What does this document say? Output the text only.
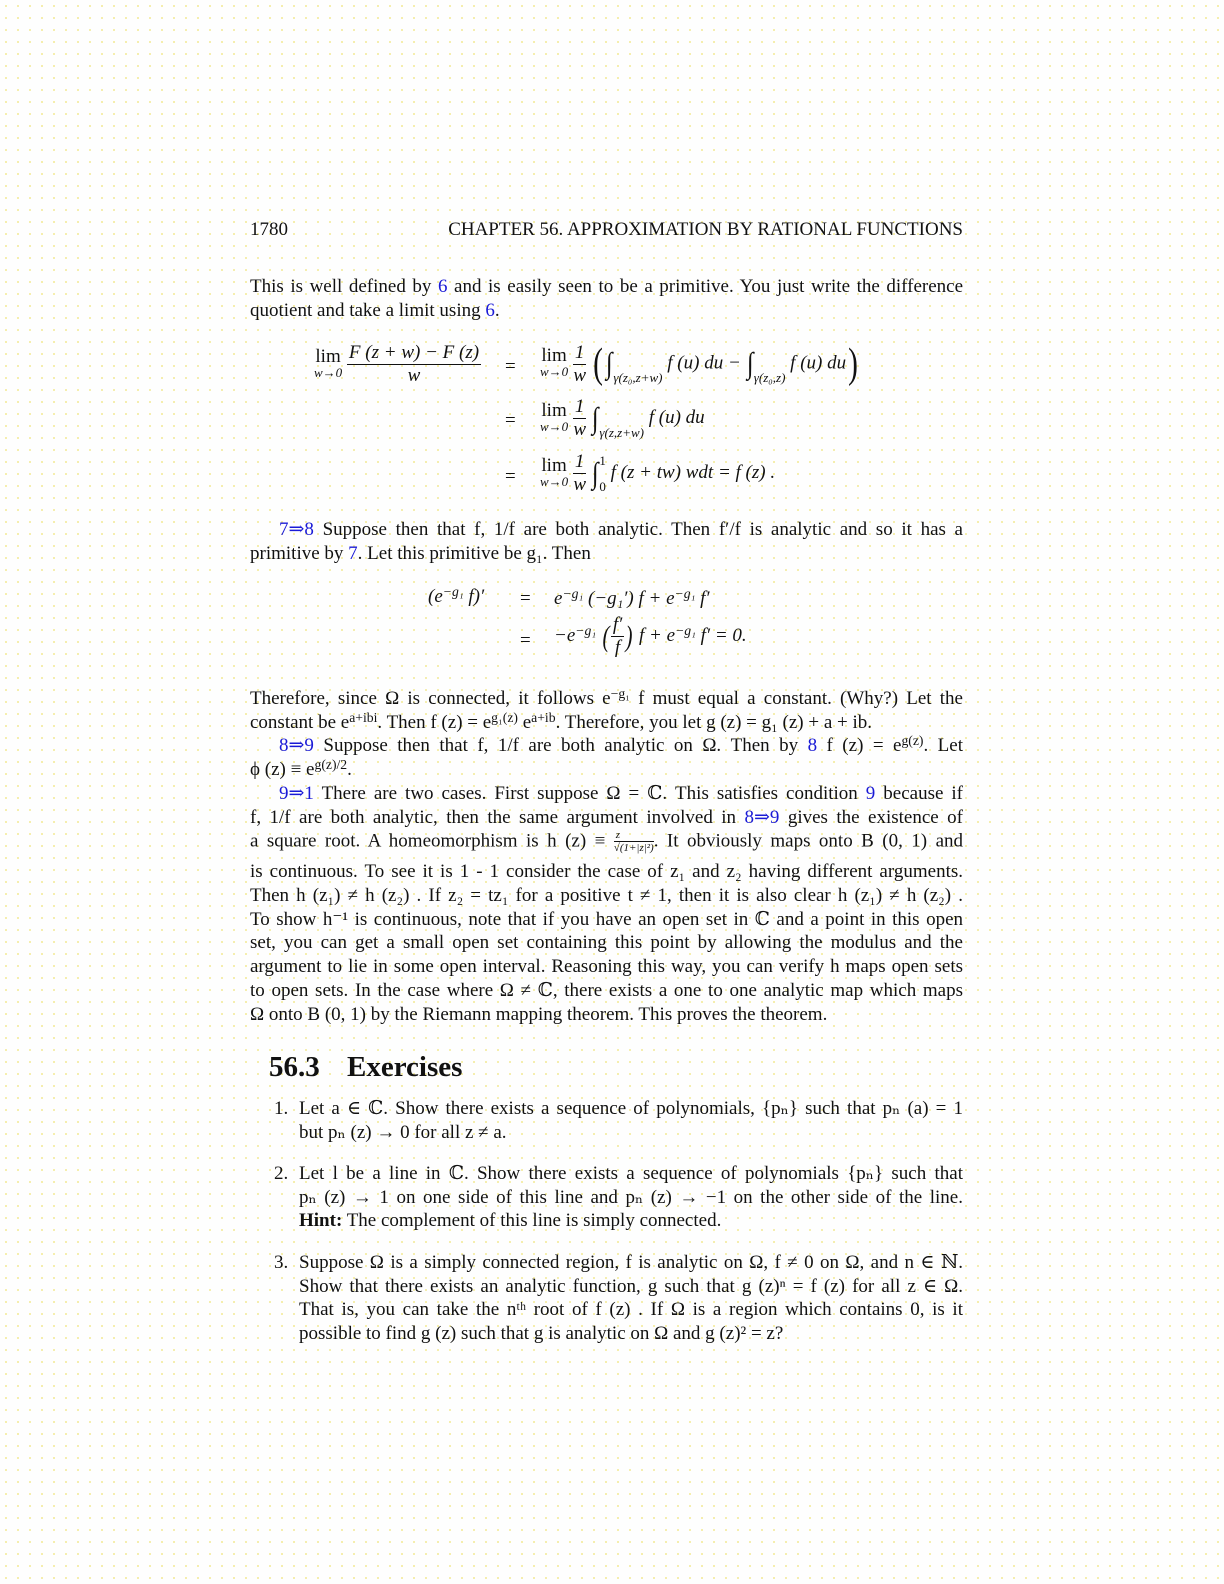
1780	CHAPTER 56. APPROXIMATION BY RATIONAL FUNCTIONS
This is well defined by 6 and is easily seen to be a primitive. You just write the difference
quotient and take a limit using 6.
lim
w→0
$\frac{F (z + w) - F (z)}{w}$ =
lim
w→0
$\frac{1}{w} (\int\gamma(z_0,z+w)$ f (u) du − ∫γ(z₀,z) f (u) du)
= lim
w→0
$\frac{1}{w} \int\gamma(z,z+w)$ f (u) du
=
lim
w→0
$\frac{1}{w}$ ∫ 1
0
f (z + tw) wdt = f (z) .
7⇒8 Suppose then that f, 1/f are both analytic. Then f′/f is analytic and so it has a
primitive by 7. Let this primitive be g₁. Then
($e^{-g_1}$ $f)' = e^{-g_1}$ (−g₁′) $f + e^{-g_1}$ f′
= $-e^{-g_1}$ ( $\frac{f'}{f}$ ) $f + e^{-g_1}$ f′ = 0.
Therefore, since Ω is connected, it follows $e^{-g_1}$ f must equal a constant. (Why?) Let the
constant be $e^{a+ibi}$. Then f $(z) = e^{g_1(z)}$ $e^{a+ib}$. Therefore, you let g (z) = g₁ (z) + a + ib.
8⇒9 Suppose then that f, 1/f are both analytic on Ω. Then by 8 f $(z) = e^{g(z)}$. Let
ϕ $(z) \equiv e^{g(z)/2}$.
9⇒1 There are two cases. First suppose Ω = ℂ. This satisfies condition 9 because if
f, 1/f are both analytic, then the same argument involved in 8⇒9 gives the existence of
a square root. A homeomorphism is h $(z) \equiv \frac{z}{\text{√(1+|z|²)}}$ . It obviously maps onto B (0, 1) and
is continuous. To see it is 1 - 1 consider the case of z₁ and z₂ having different arguments.
Then h (z₁) ≠ h (z₂) . If z₂ = tz₁ for a positive t ≠ 1, then it is also clear h (z₁) ≠ h (z₂) .
To show h⁻¹ is continuous, note that if you have an open set in ℂ and a point in this open
set, you can get a small open set containing this point by allowing the modulus and the
argument to lie in some open interval. Reasoning this way, you can verify h maps open sets
to open sets. In the case where Ω ≠ ℂ, there exists a one to one analytic map which maps
Ω onto B (0, 1) by the Riemann mapping theorem. This proves the theorem.
56.3 Exercises
1. Let a ∈ ℂ. Show there exists a sequence of polynomials, {pₙ} such that pₙ (a) = 1
but pₙ (z) → 0 for all z ≠ a.
2. Let l be a line in ℂ. Show there exists a sequence of polynomials {pₙ} such that
pₙ (z) → 1 on one side of this line and pₙ (z) → −1 on the other side of the line.
Hint: The complement of this line is simply connected.
3. Suppose Ω is a simply connected region, f is analytic on Ω, f ≠ 0 on Ω, and n ∈ ℕ.
Show that there exists an analytic function, g such that g (z)ⁿ = f (z) for all z ∈ Ω.
That is, you can take the nᵗʰ root of f (z) . If Ω is a region which contains 0, is it
possible to find g (z) such that g is analytic on Ω and g (z)² = z?
